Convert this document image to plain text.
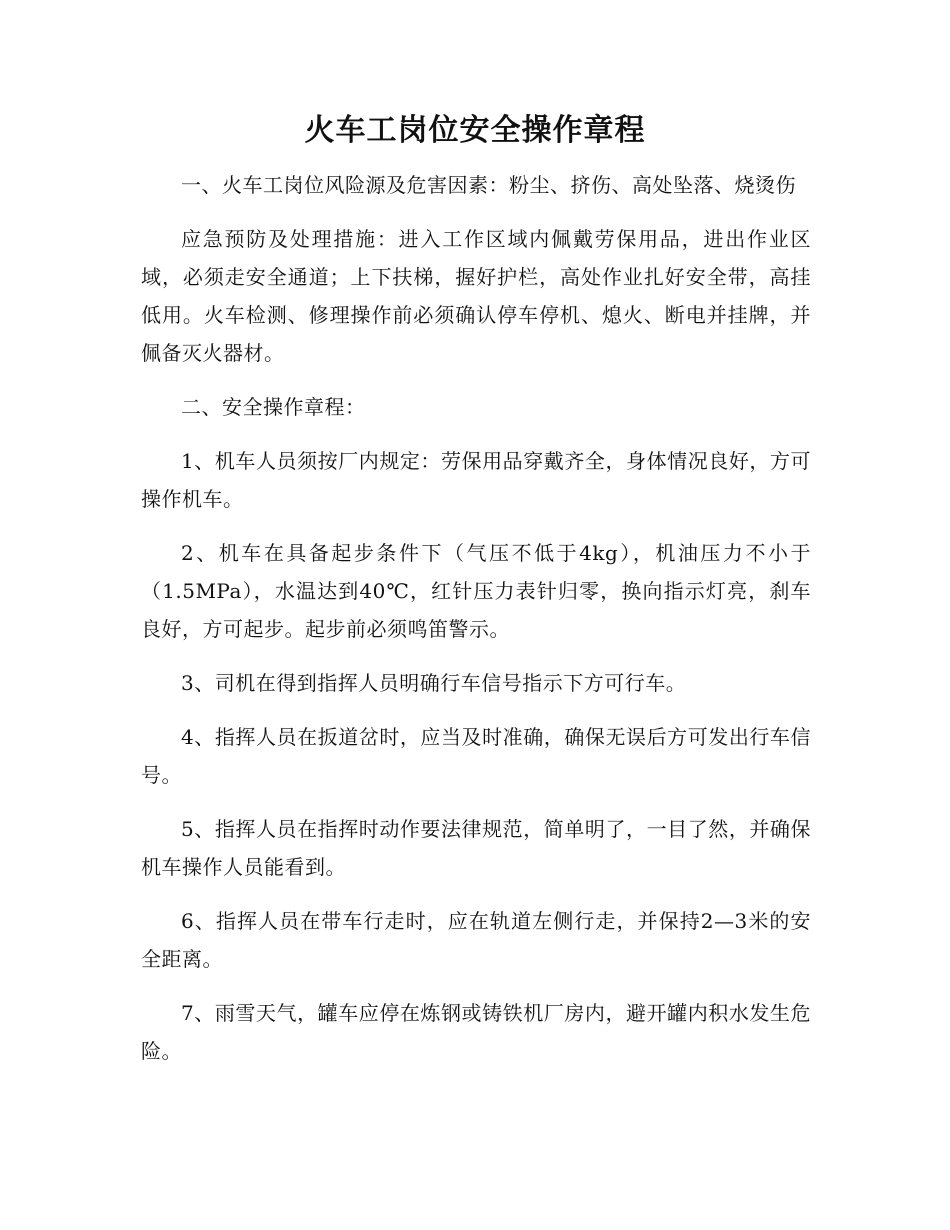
火车工岗位安全操作章程

一、火车工岗位风险源及危害因素：粉尘、挤伤、高处坠落、烧烫伤

应急预防及处理措施：进入工作区域内佩戴劳保用品，进出作业区域，必须走安全通道；上下扶梯，握好护栏，高处作业扎好安全带，高挂低用。火车检测、修理操作前必须确认停车停机、熄火、断电并挂牌，并佩备灭火器材。

二、安全操作章程：

1、机车人员须按厂内规定：劳保用品穿戴齐全，身体情况良好，方可操作机车。

2、机车在具备起步条件下（气压不低于4kg），机油压力不小于（1.5MPa），水温达到40℃，红针压力表针归零，换向指示灯亮，刹车良好，方可起步。起步前必须鸣笛警示。

3、司机在得到指挥人员明确行车信号指示下方可行车。

4、指挥人员在扳道岔时，应当及时准确，确保无误后方可发出行车信号。

5、指挥人员在指挥时动作要法律规范，简单明了，一目了然，并确保机车操作人员能看到。

6、指挥人员在带车行走时，应在轨道左侧行走，并保持2—3米的安全距离。

7、雨雪天气，罐车应停在炼钢或铸铁机厂房内，避开罐内积水发生危险。
